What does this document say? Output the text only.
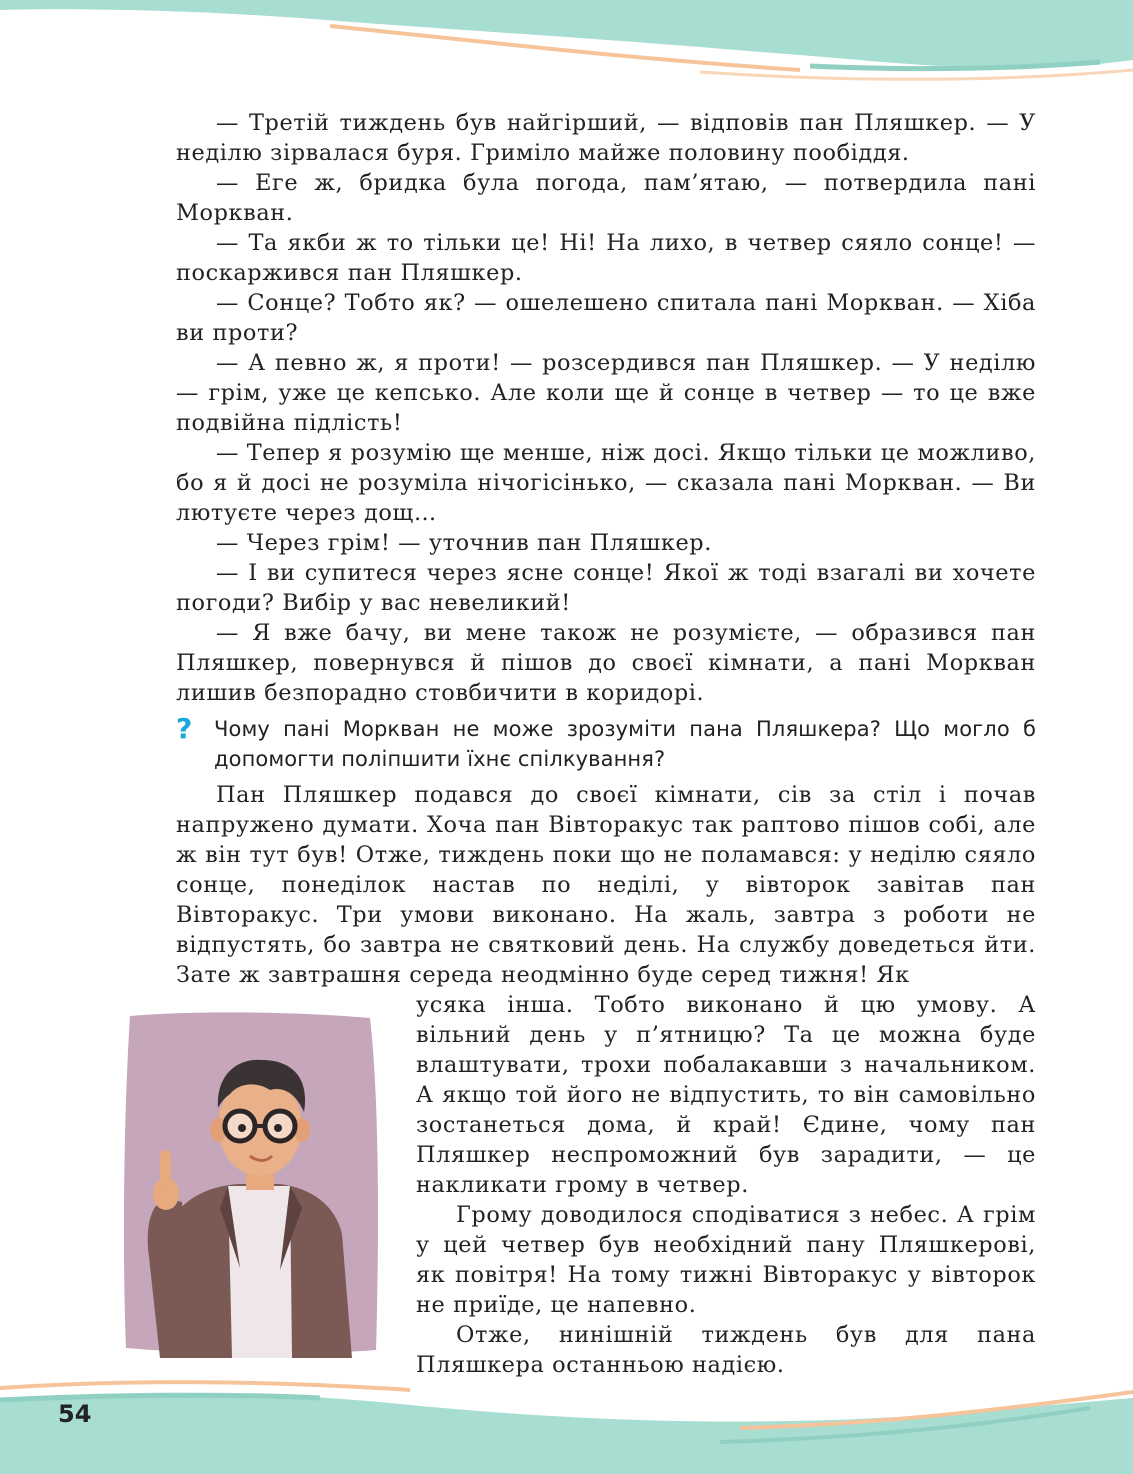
— Третій тиждень був найгірший, — відповів пан Пляшкер. — У неділю зірвалася буря. Гриміло майже половину пообіддя.

— Еге ж, бридка була погода, пам’ятаю, — потвердила пані Моркван.

— Та якби ж то тільки це! Ні! На лихо, в четвер сяяло сонце! — поскаржився пан Пляшкер.

— Сонце? Тобто як? — ошелешено спитала пані Моркван. — Хіба ви проти?

— А певно ж, я проти! — розсердився пан Пляшкер. — У неділю — грім, уже це кепсько. Але коли ще й сонце в четвер — то це вже подвійна підлість!

— Тепер я розумію ще менше, ніж досі. Якщо тільки це можливо, бо я й досі не розуміла нічогісінько, — сказала пані Моркван. — Ви лютуєте через дощ…

— Через грім! — уточнив пан Пляшкер.

— І ви супитеся через ясне сонце! Якої ж тоді взагалі ви хочете погоди? Вибір у вас невеликий!

— Я вже бачу, ви мене також не розумієте, — образився пан Пляшкер, повернувся й пішов до своєї кімнати, а пані Моркван лишив безпорадно стовбичити в коридорі.

?	Чому пані Моркван не може зрозуміти пана Пляшкера? Що могло б допомогти поліпшити їхнє спілкування?

Пан Пляшкер подався до своєї кімнати, сів за стіл і почав напружено думати. Хоча пан Вівторакус так раптово пішов собі, але ж він тут був! Отже, тиждень поки що не поламався: у неділю сяяло сонце, понеділок настав по неділі, у вівторок завітав пан Вівторакус. Три умови виконано. На жаль, завтра з роботи не відпустять, бо завтра не святковий день. На службу доведеться йти. Зате ж завтрашня середа неодмінно буде серед тижня! Як

усяка інша. Тобто виконано й цю умову. А вільний день у п’ятницю? Та це можна буде влаштувати, трохи побалакавши з начальником. А якщо той його не відпустить, то він самовільно зостанеться дома, й край! Єдине, чому пан Пляшкер неспроможний був зарадити, — це накликати грому в четвер.

Грому доводилося сподіватися з небес. А грім у цей четвер був необхідний пану Пляшкерові, як повітря! На тому тижні Вівторакус у вівторок не приїде, це напевно.

Отже, нинішній тиждень був для пана Пляшкера останньою надією.

54
